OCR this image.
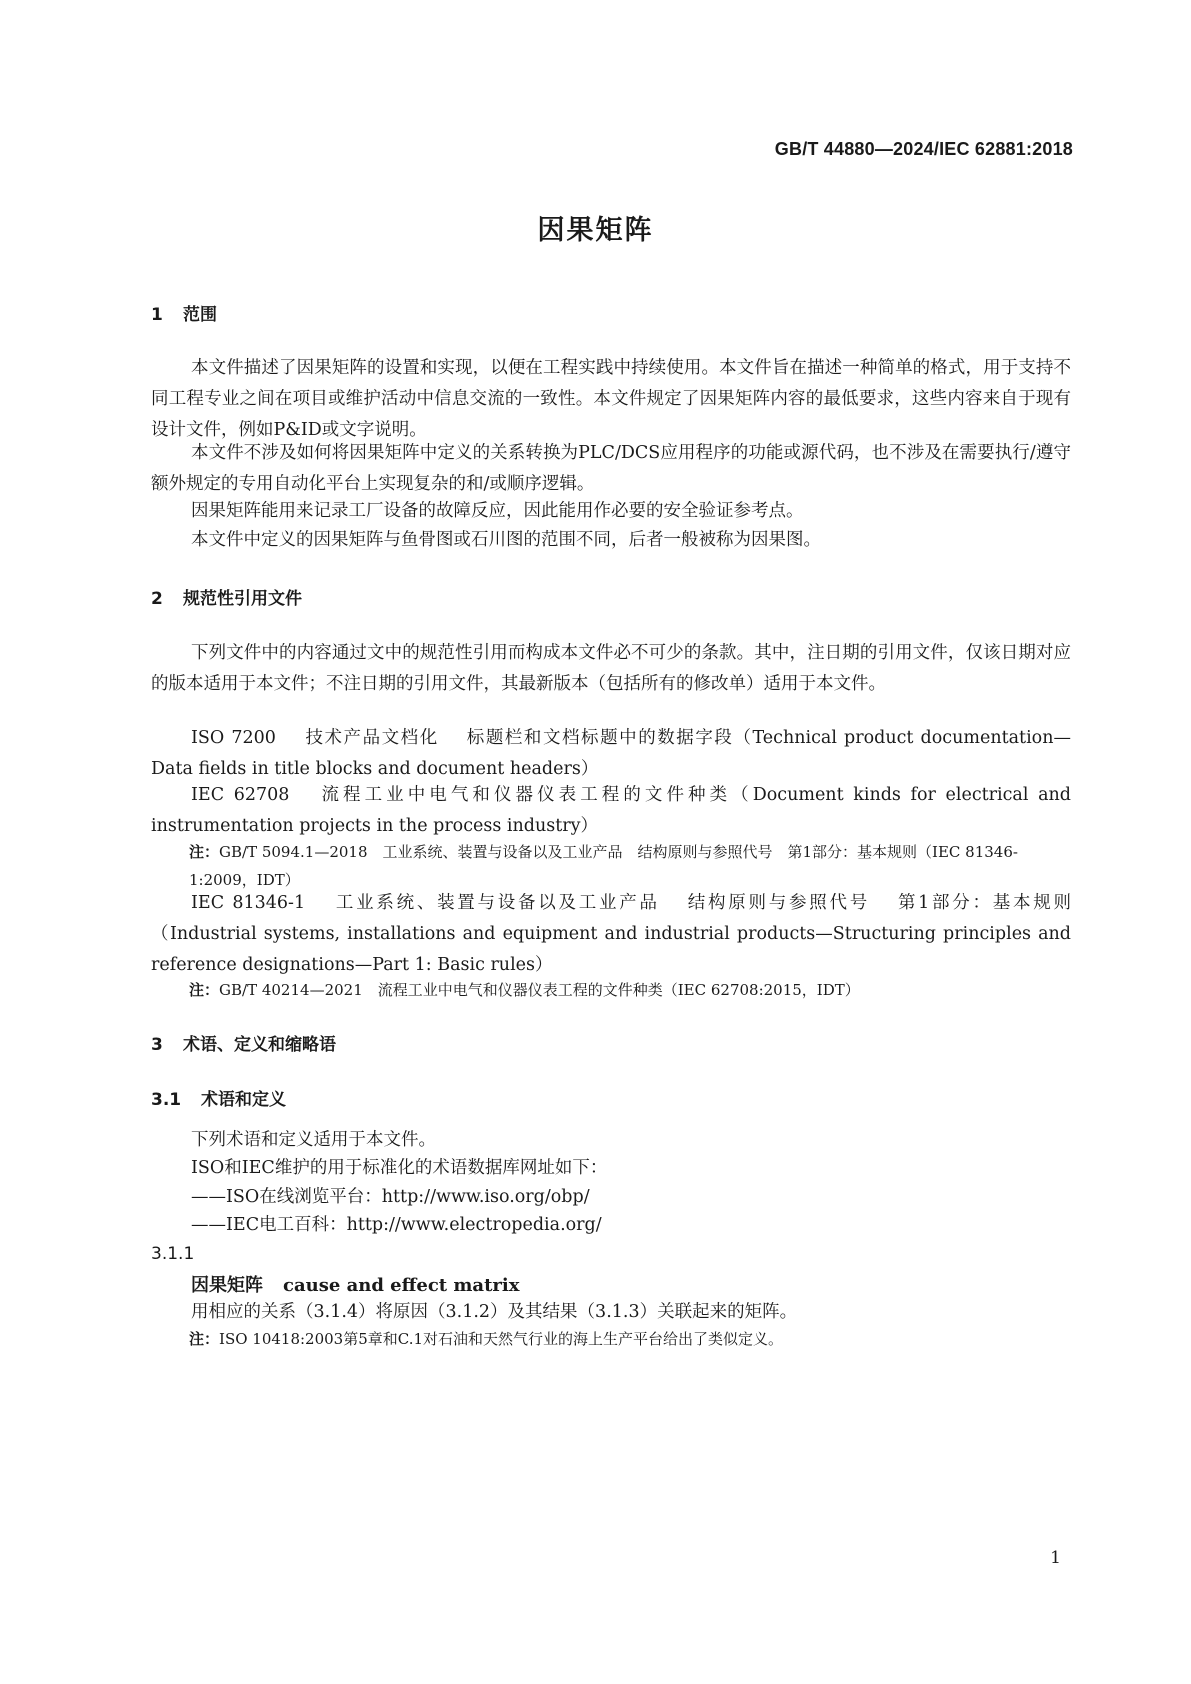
GB/T 44880—2024/IEC 62881:2018
因果矩阵
1 范围
本文件描述了因果矩阵的设置和实现，以便在工程实践中持续使用。本文件旨在描述一种简单的格式，用于支持不同工程专业之间在项目或维护活动中信息交流的一致性。本文件规定了因果矩阵内容的最低要求，这些内容来自于现有设计文件，例如P&ID或文字说明。
本文件不涉及如何将因果矩阵中定义的关系转换为PLC/DCS应用程序的功能或源代码，也不涉及在需要执行/遵守额外规定的专用自动化平台上实现复杂的和/或顺序逻辑。
因果矩阵能用来记录工厂设备的故障反应，因此能用作必要的安全验证参考点。
本文件中定义的因果矩阵与鱼骨图或石川图的范围不同，后者一般被称为因果图。
2 规范性引用文件
下列文件中的内容通过文中的规范性引用而构成本文件必不可少的条款。其中，注日期的引用文件，仅该日期对应的版本适用于本文件；不注日期的引用文件，其最新版本（包括所有的修改单）适用于本文件。
ISO 7200 技术产品文档化 标题栏和文档标题中的数据字段（Technical product documentation—Data fields in title blocks and document headers）
IEC 62708 流程工业中电气和仪器仪表工程的文件种类（Document kinds for electrical and instrumentation projects in the process industry）
注：GB/T 5094.1—2018　工业系统、装置与设备以及工业产品　结构原则与参照代号　第1部分：基本规则（IEC 81346-1:2009，IDT）
IEC 81346-1 工业系统、装置与设备以及工业产品 结构原则与参照代号 第1部分：基本规则（Industrial systems, installations and equipment and industrial products—Structuring principles and reference designations—Part 1: Basic rules）
注：GB/T 40214—2021　流程工业中电气和仪器仪表工程的文件种类（IEC 62708:2015，IDT）
3 术语、定义和缩略语
3.1 术语和定义
下列术语和定义适用于本文件。
ISO和IEC维护的用于标准化的术语数据库网址如下：
——ISO在线浏览平台：http://www.iso.org/obp/
——IEC电工百科：http://www.electropedia.org/
3.1.1
因果矩阵 cause and effect matrix
用相应的关系（3.1.4）将原因（3.1.2）及其结果（3.1.3）关联起来的矩阵。
注：ISO 10418:2003第5章和C.1对石油和天然气行业的海上生产平台给出了类似定义。
1
